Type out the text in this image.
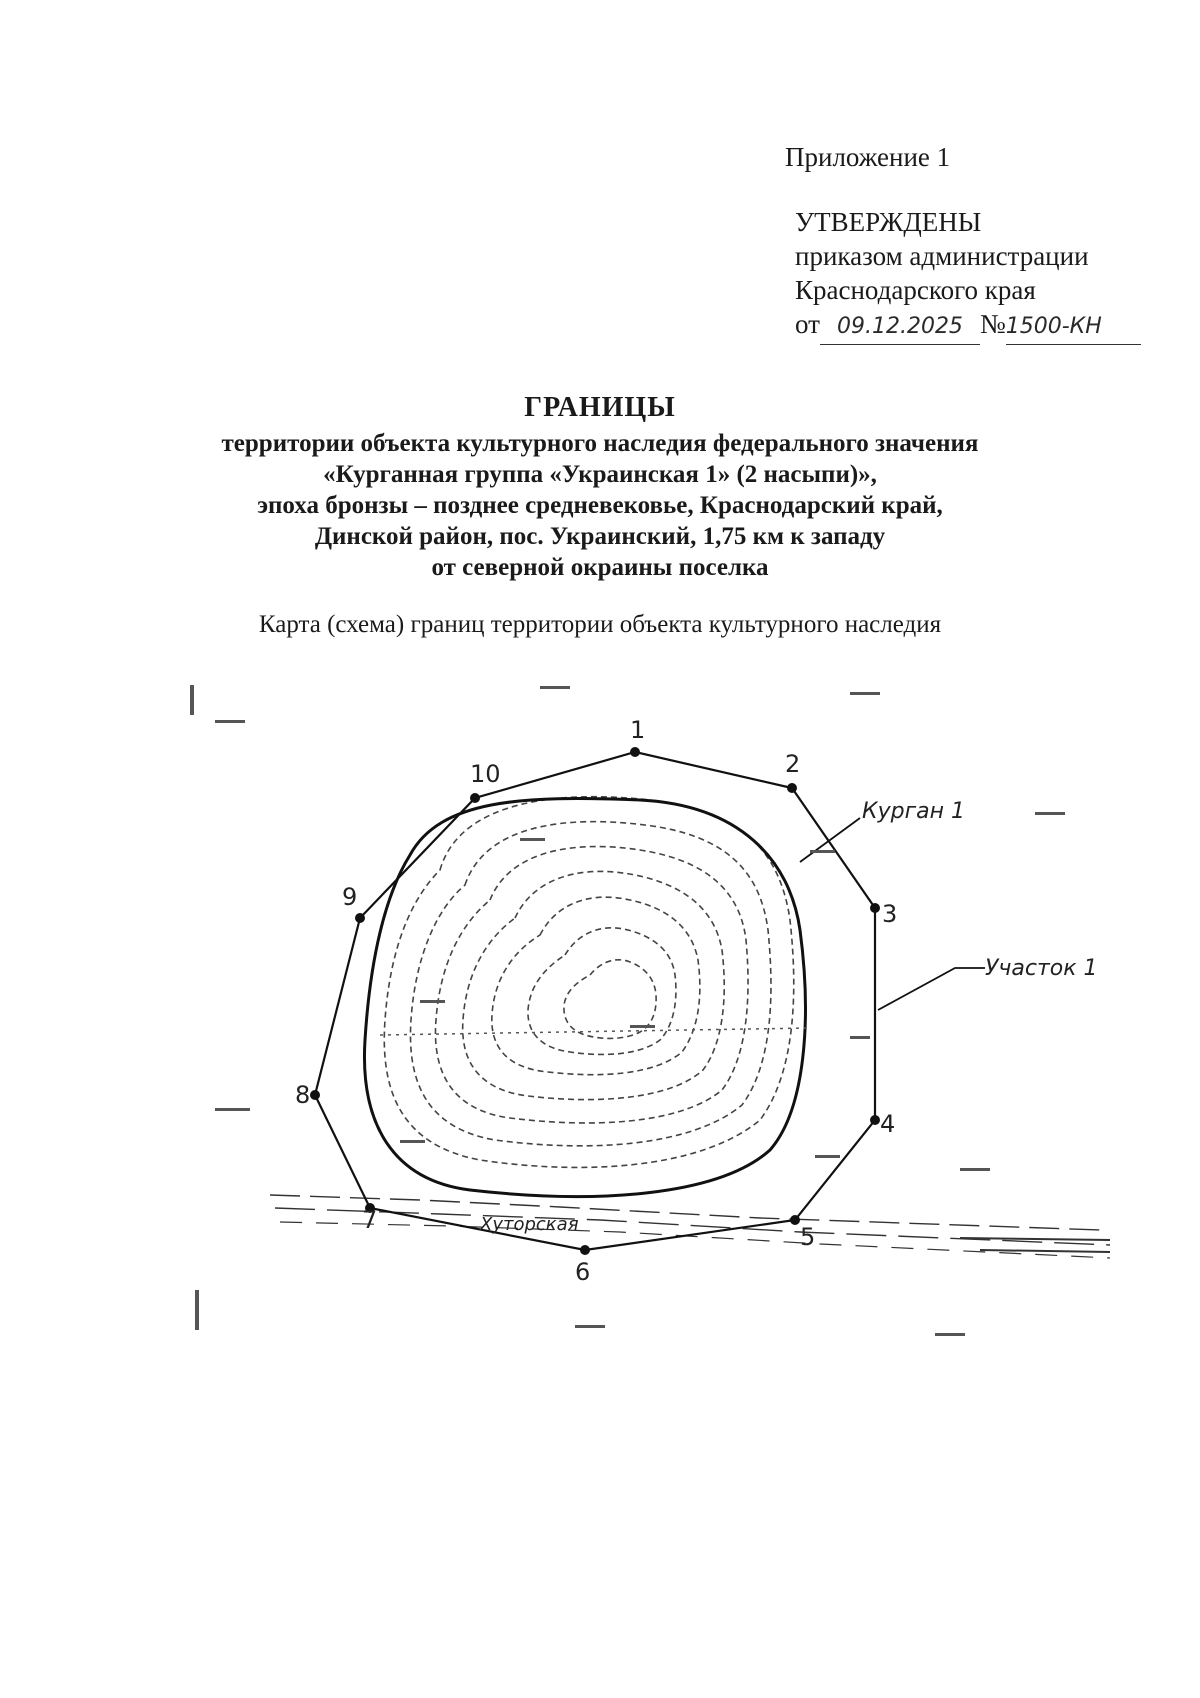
Приложение 1
УТВЕРЖДЕНЫ
приказом администрации
Краснодарского края
от 09.12.2025 №1500-КН
ГРАНИЦЫ
территории объекта культурного наследия федерального значения
«Курганная группа «Украинская 1» (2 насыпи)»,
эпоха бронзы – позднее средневековье, Краснодарский край,
Динской район, пос. Украинский, 1,75 км к западу
от северной окраины поселка
Карта (схема) границ территории объекта культурного наследия
1
2
3
4
5
6
7
8
9
10
Курган 1
Участок 1
Хуторская
